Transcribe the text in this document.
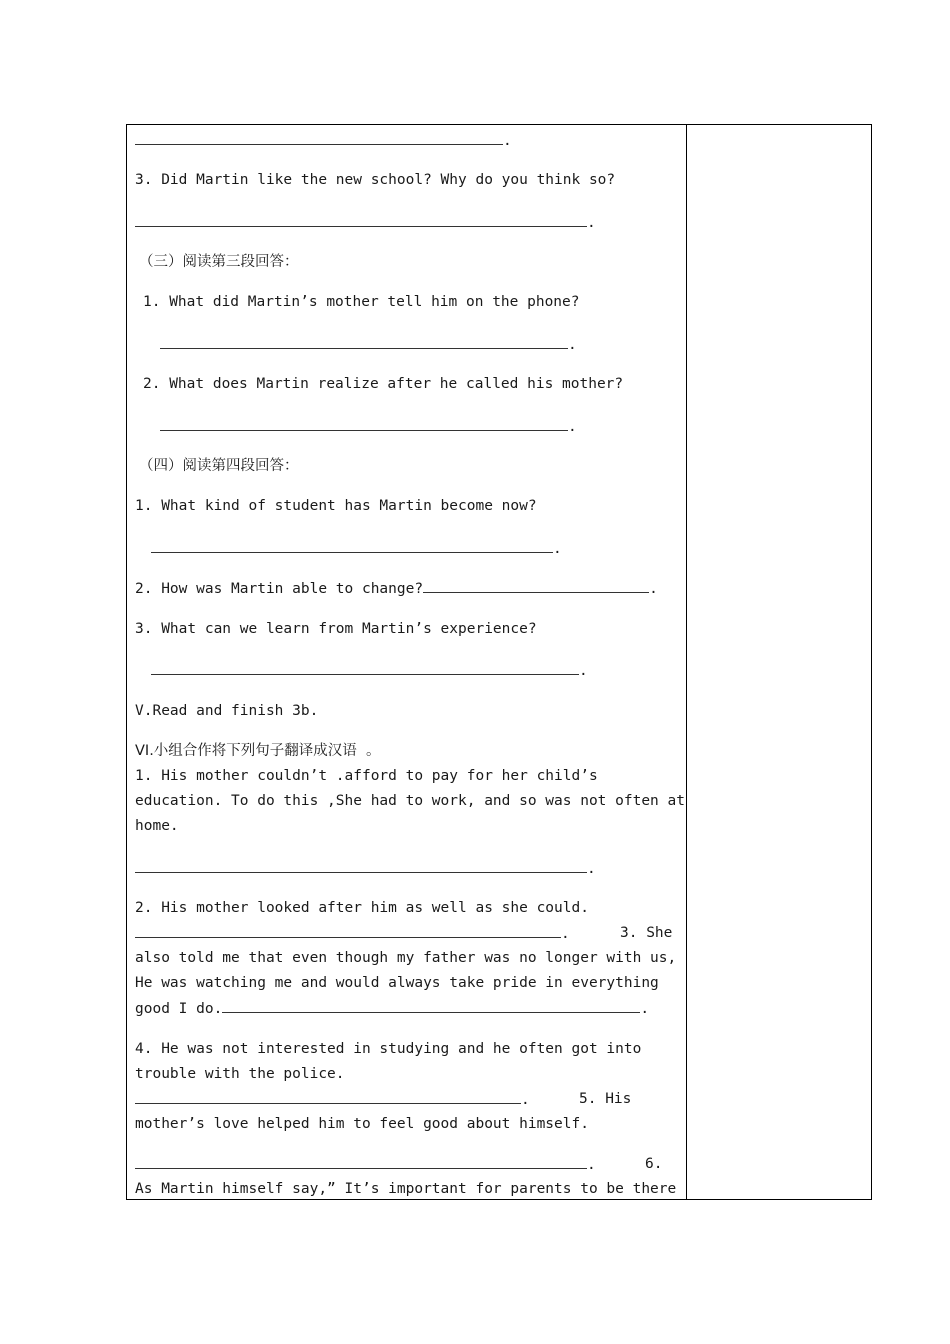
.
3. Did Martin like the new school? Why do you think so?
.
（三）阅读第三段回答：
1. What did Martin’s mother tell him on the phone?
.
2. What does Martin realize after he called his mother?
.
（四）阅读第四段回答：
1. What kind of student has Martin become now?
.
2. How was Martin able to change?	.
3. What can we learn from Martin’s experience?
.
V.Read and finish 3b.
VI.小组合作将下列句子翻译成汉语  。
1. His mother couldn’t .afford to pay for her child’s
education. To do this ,She had to work, and so was not often at
home.
.
2. His mother looked after him as well as she could.
.	3. She
also told me that even though my father was no longer with us,
He was watching me and would always take pride in everything
good I do.	.
4. He was not interested in studying and he often got into
trouble with the police.
.	5. His
mother’s love helped him to feel good about himself.
.	6.
As Martin himself say,” It’s important for parents to be there
